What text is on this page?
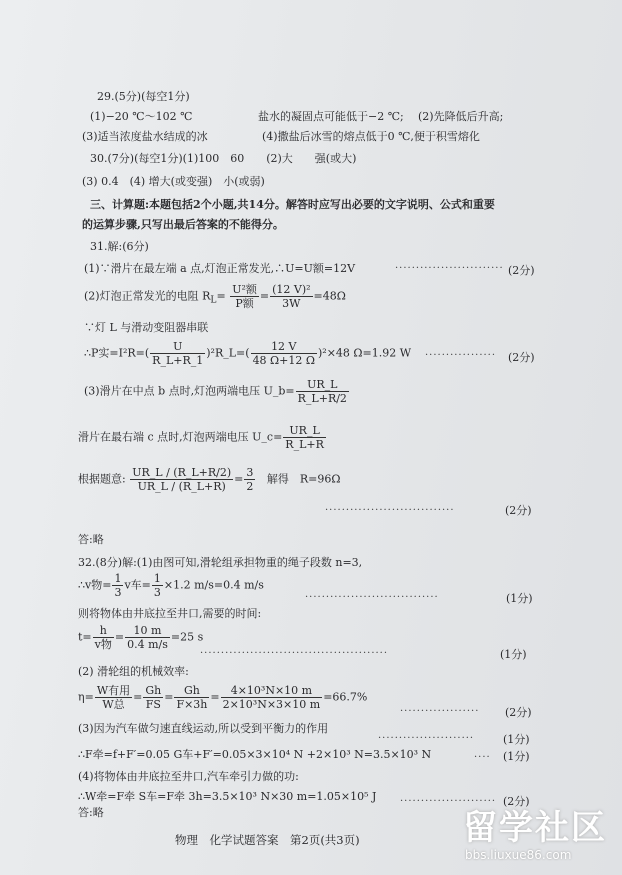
29.(5分)(每空1分)
(1)−20 ℃～102 ℃	盐水的凝固点可能低于−2 ℃; (2)先降低后升高;
(3)适当浓度盐水结成的冰	(4)撒盐后冰雪的熔点低于0 ℃,便于积雪熔化
30.(7分)(每空1分)(1)100　60　　(2)大　　强(或大)
(3) 0.4　(4) 增大(或变强)　小(或弱)
三、计算题:本题包括2个小题,共14分。解答时应写出必要的文字说明、公式和重要
的运算步骤,只写出最后答案的不能得分。
31.解:(6分)
(1)∵滑片在最左端 a 点,灯泡正常发光,∴U=U额=12V	·························· (2分)
(2)灯泡正常发光的电阻 $R_L= \frac{\text{U²额}}{\text{P额}} = \frac{\text{(12 V)²}}{3W} =48\Omega$
∵灯 L 与滑动变阻器串联
∴P实$=I^2R=( \frac{U}{R\_L+R\_1}$ )²R_L=( $\frac{12 V}{48 \Omega+12 \Omega} )^2\times 48$ Ω=1.92 W ················· (2分)
(3)滑片在中点 b 点时,灯泡两端电压 U_b= $\frac{UR\_L}{R\_L+R/2}$
滑片在最右端 c 点时,灯泡两端电压 U_c= $\frac{UR\_L}{R\_L+R}$
根据题意: $\frac{UR\_L / (R\_L+R/2)}{UR\_L / (R\_L+R)} = \frac{3}{2}$ 解得　R=96Ω
·······························	(2分)
答:略
32.(8分)解:(1)由图可知,滑轮组承担物重的绳子段数 n=3,
∴v物= $\frac{1}{3}$ v车= $\frac{1}{3} \times 1.2$ m/s=0.4 m/s
································	(1分)
则将物体由井底拉至井口,需要的时间:
$t= \frac{h}{\text{v物}} = \frac{10 m}{0.4 m/s} =25$ s
·············································	(1分)
(2) 滑轮组的机械效率:
$\eta= \frac{\text{W有用}}{\text{W总}} = \frac{Gh}{FS} = \frac{Gh}{F\times 3h} = \frac{\text{4×10³N×10 m}}{\text{2×10³N×3×10 m}} =66.7\%$
··················· (2分)
(3)因为汽车做匀速直线运动,所以受到平衡力的作用
·······················	(1分)
∴F牵=f+F′=0.05 G车+F′=0.05×3×10⁴ N +2×10³ N=3.5×10³ N	···· (1分)
(4)将物体由井底拉至井口,汽车牵引力做的功:
∴W牵=F牵 S车=F牵 3h=3.5×10³ N×30 m=1.05×10⁵ J ······················· (2分)
答:略
物理　化学试题答案　第2页(共3页)	留学社区
bbs.liuxue86.com
